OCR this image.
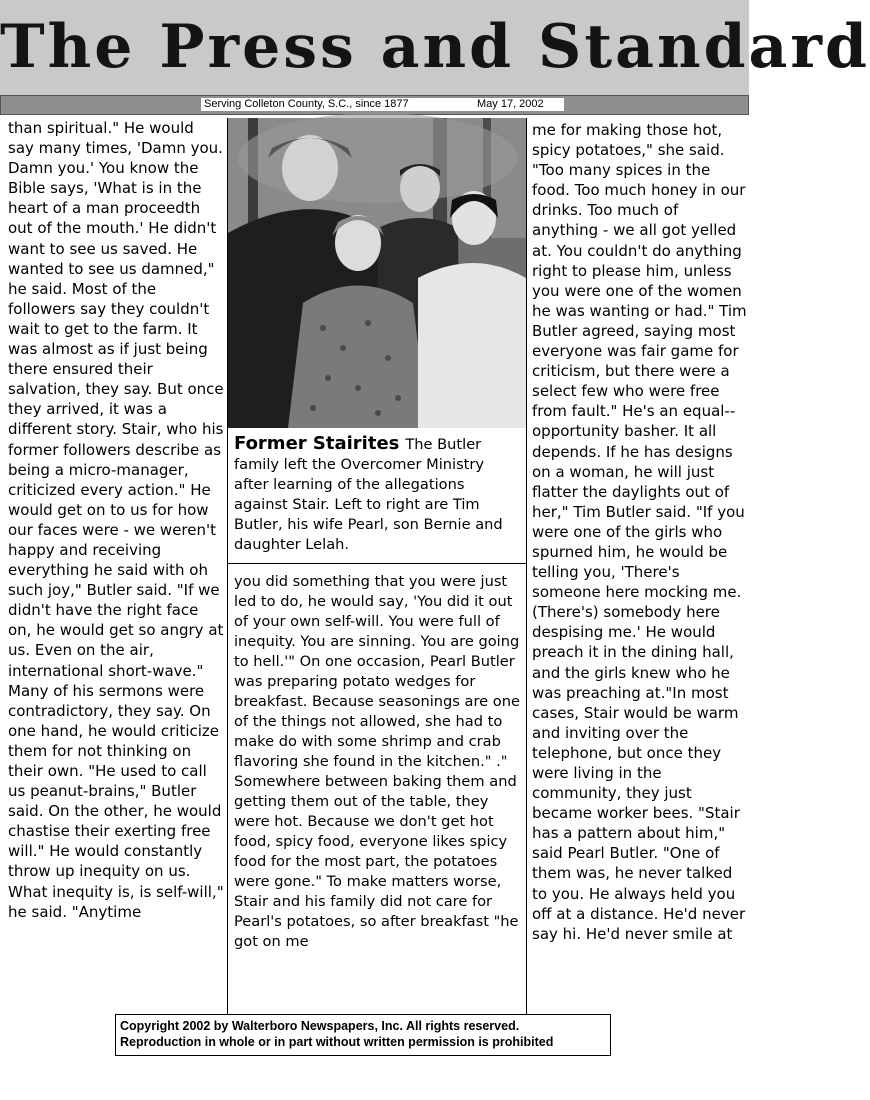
The Press and Standard
Serving Colleton County, S.C., since 1877	May 17, 2002
than spiritual." He would say many times, 'Damn you. Damn you.' You know the Bible says, 'What is in the heart of a man proceedth out of the mouth.' He didn't want to see us saved. He wanted to see us damned," he said. Most of the followers say they couldn't wait to get to the farm. It was almost as if just being there ensured their salvation, they say. But once they arrived, it was a different story. Stair, who his former followers describe as being a micro-manager, criticized every action." He would get on to us for how our faces were - we weren't happy and receiving everything he said with oh such joy," Butler said. "If we didn't have the right face on, he would get so angry at us. Even on the air, international short-wave." Many of his sermons were contradictory, they say. On one hand, he would criticize them for not thinking on their own. "He used to call us peanut-brains," Butler said. On the other, he would chastise their exerting free will." He would constantly throw up inequity on us. What inequity is, is self-will," he said. "Anytime
Former Stairites The Butler family left the Overcomer Ministry after learning of the allegations against Stair. Left to right are Tim Butler, his wife Pearl, son Bernie and daughter Lelah.
you did something that you were just led to do, he would say, 'You did it out of your own self-will. You were full of inequity. You are sinning. You are going to hell.'" On one occasion, Pearl Butler was preparing potato wedges for breakfast. Because seasonings are one of the things not allowed, she had to make do with some shrimp and crab flavoring she found in the kitchen." ." Somewhere between baking them and getting them out of the table, they were hot. Because we don't get hot food, spicy food, everyone likes spicy food for the most part, the potatoes were gone." To make matters worse, Stair and his family did not care for Pearl's potatoes, so after breakfast "he got on me
me for making those hot, spicy potatoes," she said. "Too many spices in the food. Too much honey in our drinks. Too much of anything - we all got yelled at. You couldn't do anything right to please him, unless you were one of the women he was wanting or had." Tim Butler agreed, saying most everyone was fair game for criticism, but there were a select few who were free from fault." He's an equal--opportunity basher. It all depends. If he has designs on a woman, he will just flatter the daylights out of her," Tim Butler said. "If you were one of the girls who spurned him, he would be telling you, 'There's someone here mocking me. (There's) somebody here despising me.' He would preach it in the dining hall, and the girls knew who he was preaching at."In most cases, Stair would be warm and inviting over the telephone, but once they were living in the community, they just became worker bees. "Stair has a pattern about him," said Pearl Butler. "One of them was, he never talked to you. He always held you off at a distance. He'd never say hi. He'd never smile at
Copyright 2002 by Walterboro Newspapers, Inc. All rights reserved.
Reproduction in whole or in part without written permission is prohibited
